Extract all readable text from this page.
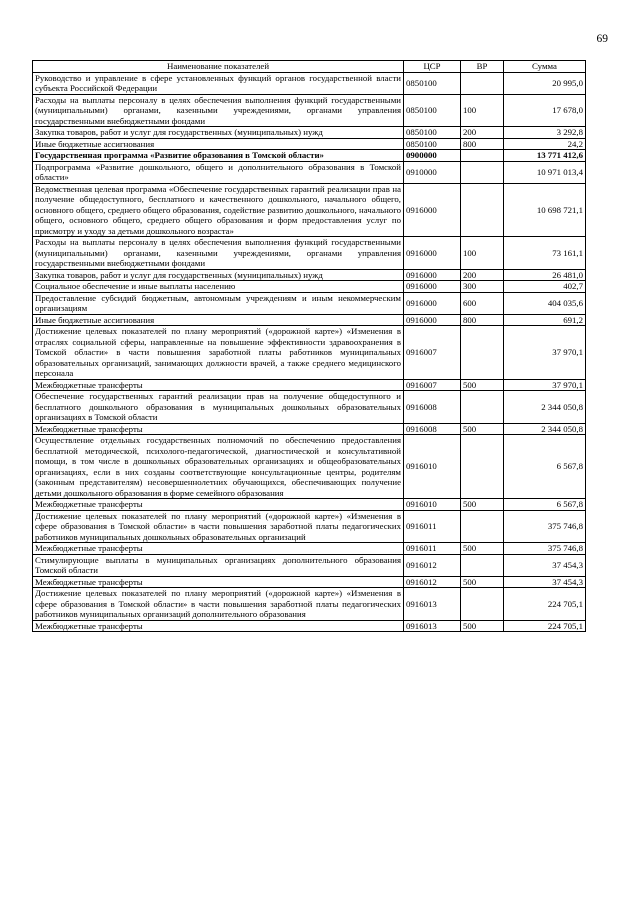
69
Наименование показателей	ЦСР	ВР	Сумма
Руководство и управление в сфере установленных функций органов государственной власти субъекта Российской Федерации	0850100		20 995,0
Расходы на выплаты персоналу в целях обеспечения выполнения функций государственными (муниципальными) органами, казенными учреждениями, органами управления государственными внебюджетными фондами	0850100	100	17 678,0
Закупка товаров, работ и услуг для государственных (муниципальных) нужд	0850100	200	3 292,8
Иные бюджетные ассигнования	0850100	800	24,2
Государственная программа «Развитие образования в Томской области»	0900000		13 771 412,6
Подпрограмма «Развитие дошкольного, общего и дополнительного образования в Томской области»	0910000		10 971 013,4
Ведомственная целевая программа «Обеспечение государственных гарантий реализации прав на получение общедоступного, бесплатного и качественного дошкольного, начального общего, основного общего, среднего общего образования, содействие развитию дошкольного, начального общего, основного общего, среднего общего образования и форм предоставления услуг по присмотру и уходу за детьми дошкольного возраста»	0916000		10 698 721,1
Расходы на выплаты персоналу в целях обеспечения выполнения функций государственными (муниципальными) органами, казенными учреждениями, органами управления государственными внебюджетными фондами	0916000	100	73 161,1
Закупка товаров, работ и услуг для государственных (муниципальных) нужд	0916000	200	26 481,0
Социальное обеспечение и иные выплаты населению	0916000	300	402,7
Предоставление субсидий бюджетным, автономным учреждениям и иным некоммерческим организациям	0916000	600	404 035,6
Иные бюджетные ассигнования	0916000	800	691,2
Достижение целевых показателей по плану мероприятий («дорожной карте») «Изменения в отраслях социальной сферы, направленные на повышение эффективности здравоохранения в Томской области» в части повышения заработной платы работников муниципальных образовательных организаций, занимающих должности врачей, а также среднего медицинского персонала	0916007		37 970,1
Межбюджетные трансферты	0916007	500	37 970,1
Обеспечение государственных гарантий реализации прав на получение общедоступного и бесплатного дошкольного образования в муниципальных дошкольных образовательных организациях в Томской области	0916008		2 344 050,8
Межбюджетные трансферты	0916008	500	2 344 050,8
Осуществление отдельных государственных полномочий по обеспечению предоставления бесплатной методической, психолого-педагогической, диагностической и консультативной помощи, в том числе в дошкольных образовательных организациях и общеобразовательных организациях, если в них созданы соответствующие консультационные центры, родителям (законным представителям) несовершеннолетних обучающихся, обеспечивающих получение детьми дошкольного образования в форме семейного образования	0916010		6 567,8
Межбюджетные трансферты	0916010	500	6 567,8
Достижение целевых показателей по плану мероприятий («дорожной карте») «Изменения в сфере образования в Томской области» в части повышения заработной платы педагогических работников муниципальных дошкольных образовательных организаций	0916011		375 746,8
Межбюджетные трансферты	0916011	500	375 746,8
Стимулирующие выплаты в муниципальных организациях дополнительного образования Томской области	0916012		37 454,3
Межбюджетные трансферты	0916012	500	37 454,3
Достижение целевых показателей по плану мероприятий («дорожной карте») «Изменения в сфере образования в Томской области» в части повышения заработной платы педагогических работников муниципальных организаций дополнительного образования	0916013		224 705,1
Межбюджетные трансферты	0916013	500	224 705,1
